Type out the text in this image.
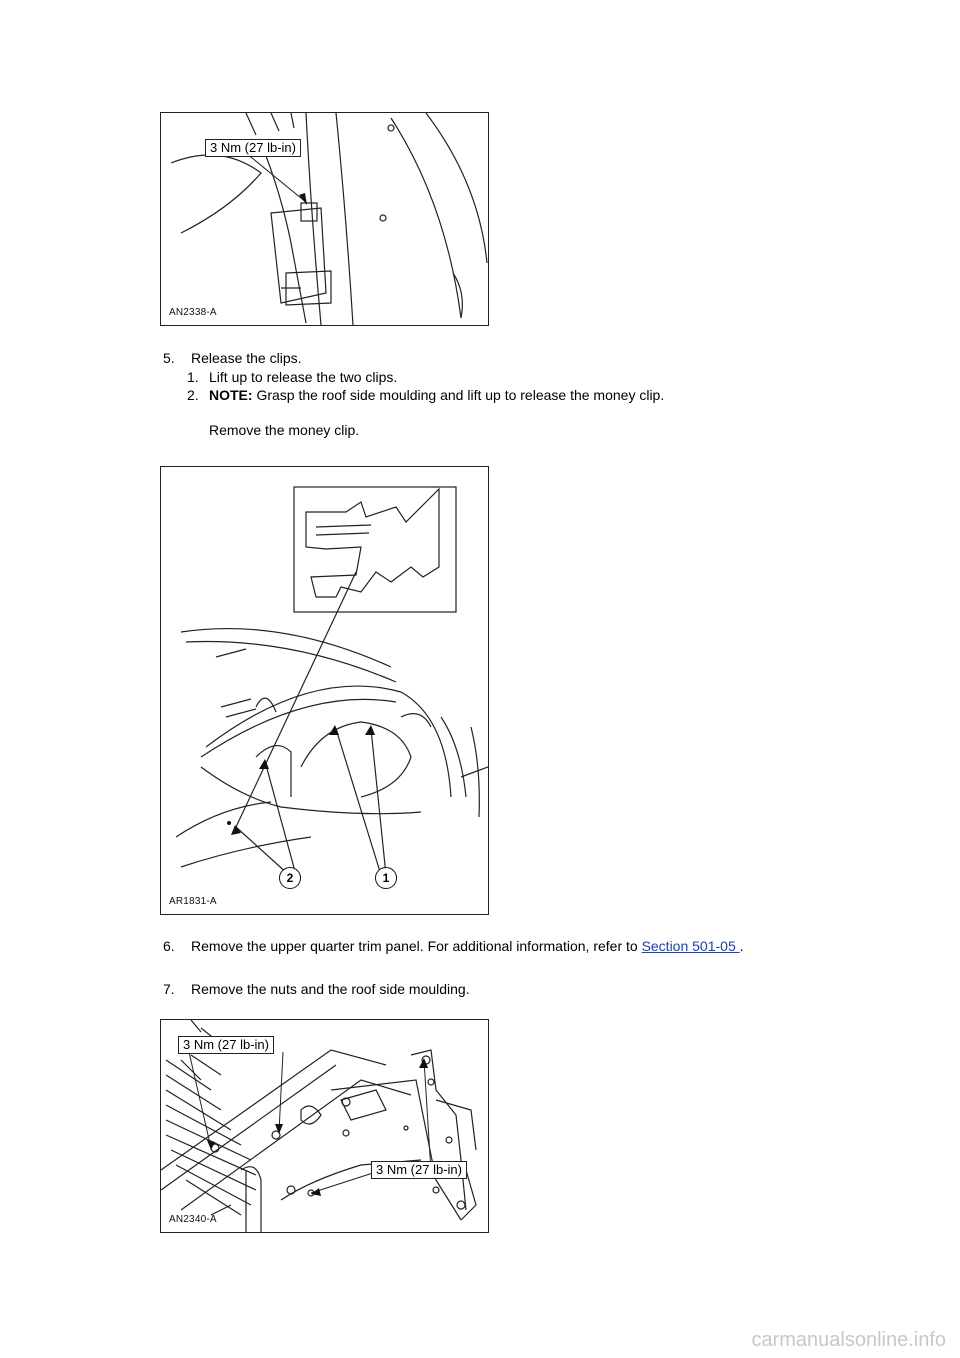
3 Nm (27 lb-in)
AN2338-A
5. Release the clips.
1. Lift up to release the two clips.
2. NOTE: Grasp the roof side moulding and lift up to release the money clip.
Remove the money clip.
2	1
AR1831-A
6. Remove the upper quarter trim panel. For additional information, refer to Section 501-05 .
7. Remove the nuts and the roof side moulding.
3 Nm (27 lb-in)
3 Nm (27 lb-in)
AN2340-A
carmanualsonline.info
